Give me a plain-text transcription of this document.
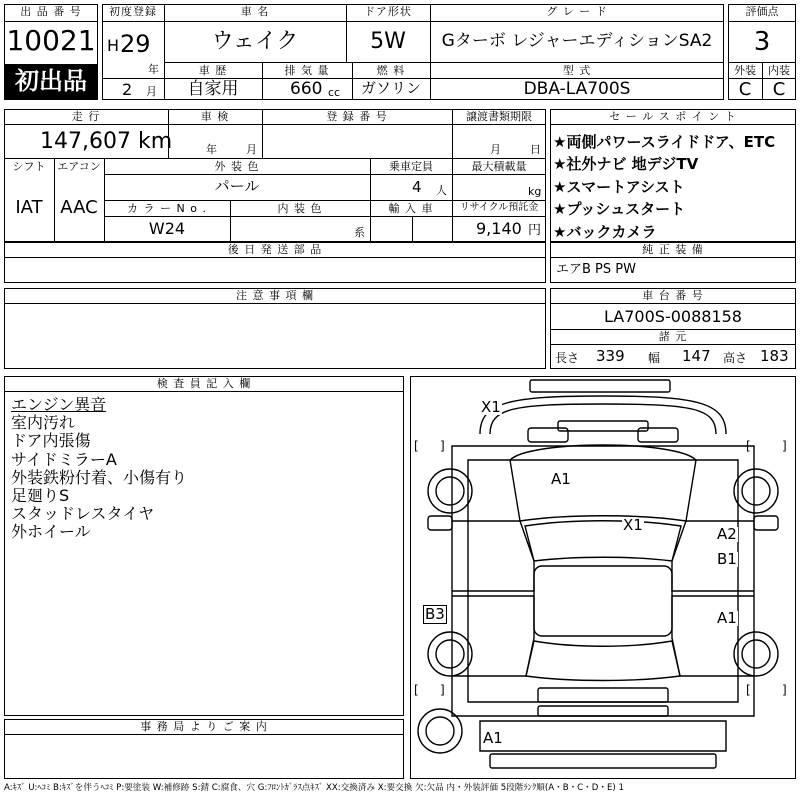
出 品 番 号
10021
初出品
初度登録
H 29
年
2 月
車 名
ウェイク
ドア形状
5W
グ レ ー ド
Gターボ レジャーエディションSA2
車 歴
自家用
排 気 量
660 cc
燃 料
ガソリン
型 式
DBA-LA700S
評価点
3
外装	内装
C	C
走 行
147,607 km
車 検
年	月
登 録 番 号	譲渡書類期限
月	日
シフト
IAT
エアコン
AAC
外 装 色
パール
乗車定員
4 人
最大積載量
kg
カ ラ ー N o .
W24
内 装 色
系
輸 入 車	リサイクル預託金
9,140 円
セ ー ル ス ポ イ ン ト
★両側パワースライドドア、ETC
★社外ナビ 地デジTV
★スマートアシスト
★プッシュスタート
★バックカメラ
後 日 発 送 部 品	純 正 装 備
エアB PS PW
注 意 事 項 欄	車 台 番 号
LA700S-0088158
諸 元
長さ 339 幅 147 高さ 183
検 査 員 記 入 欄
エンジン異音
室内汚れ
ドア内張傷
サイドミラーA
外装鉄粉付着、小傷有り
足廻りS
スタッドレスタイヤ
外ホイール
事 務 局 よ り ご 案 内
[ ]	[	]
[ ]	[	]
X1
A1
X1	A2
B1
B3	A1
A1
A:ｷｽﾞ U:ﾍｺﾐ B:ｷｽﾞを伴うﾍｺﾐ P:要塗装 W:補修跡 S:錆 C:腐食、穴 G:ﾌﾛﾝﾄｶﾞﾗｽ点ｷｽﾞ XX:交換済み X:要交換 欠:欠品 内・外装評価 5段階ﾗﾝｸ順(A・B・C・D・E) 1
